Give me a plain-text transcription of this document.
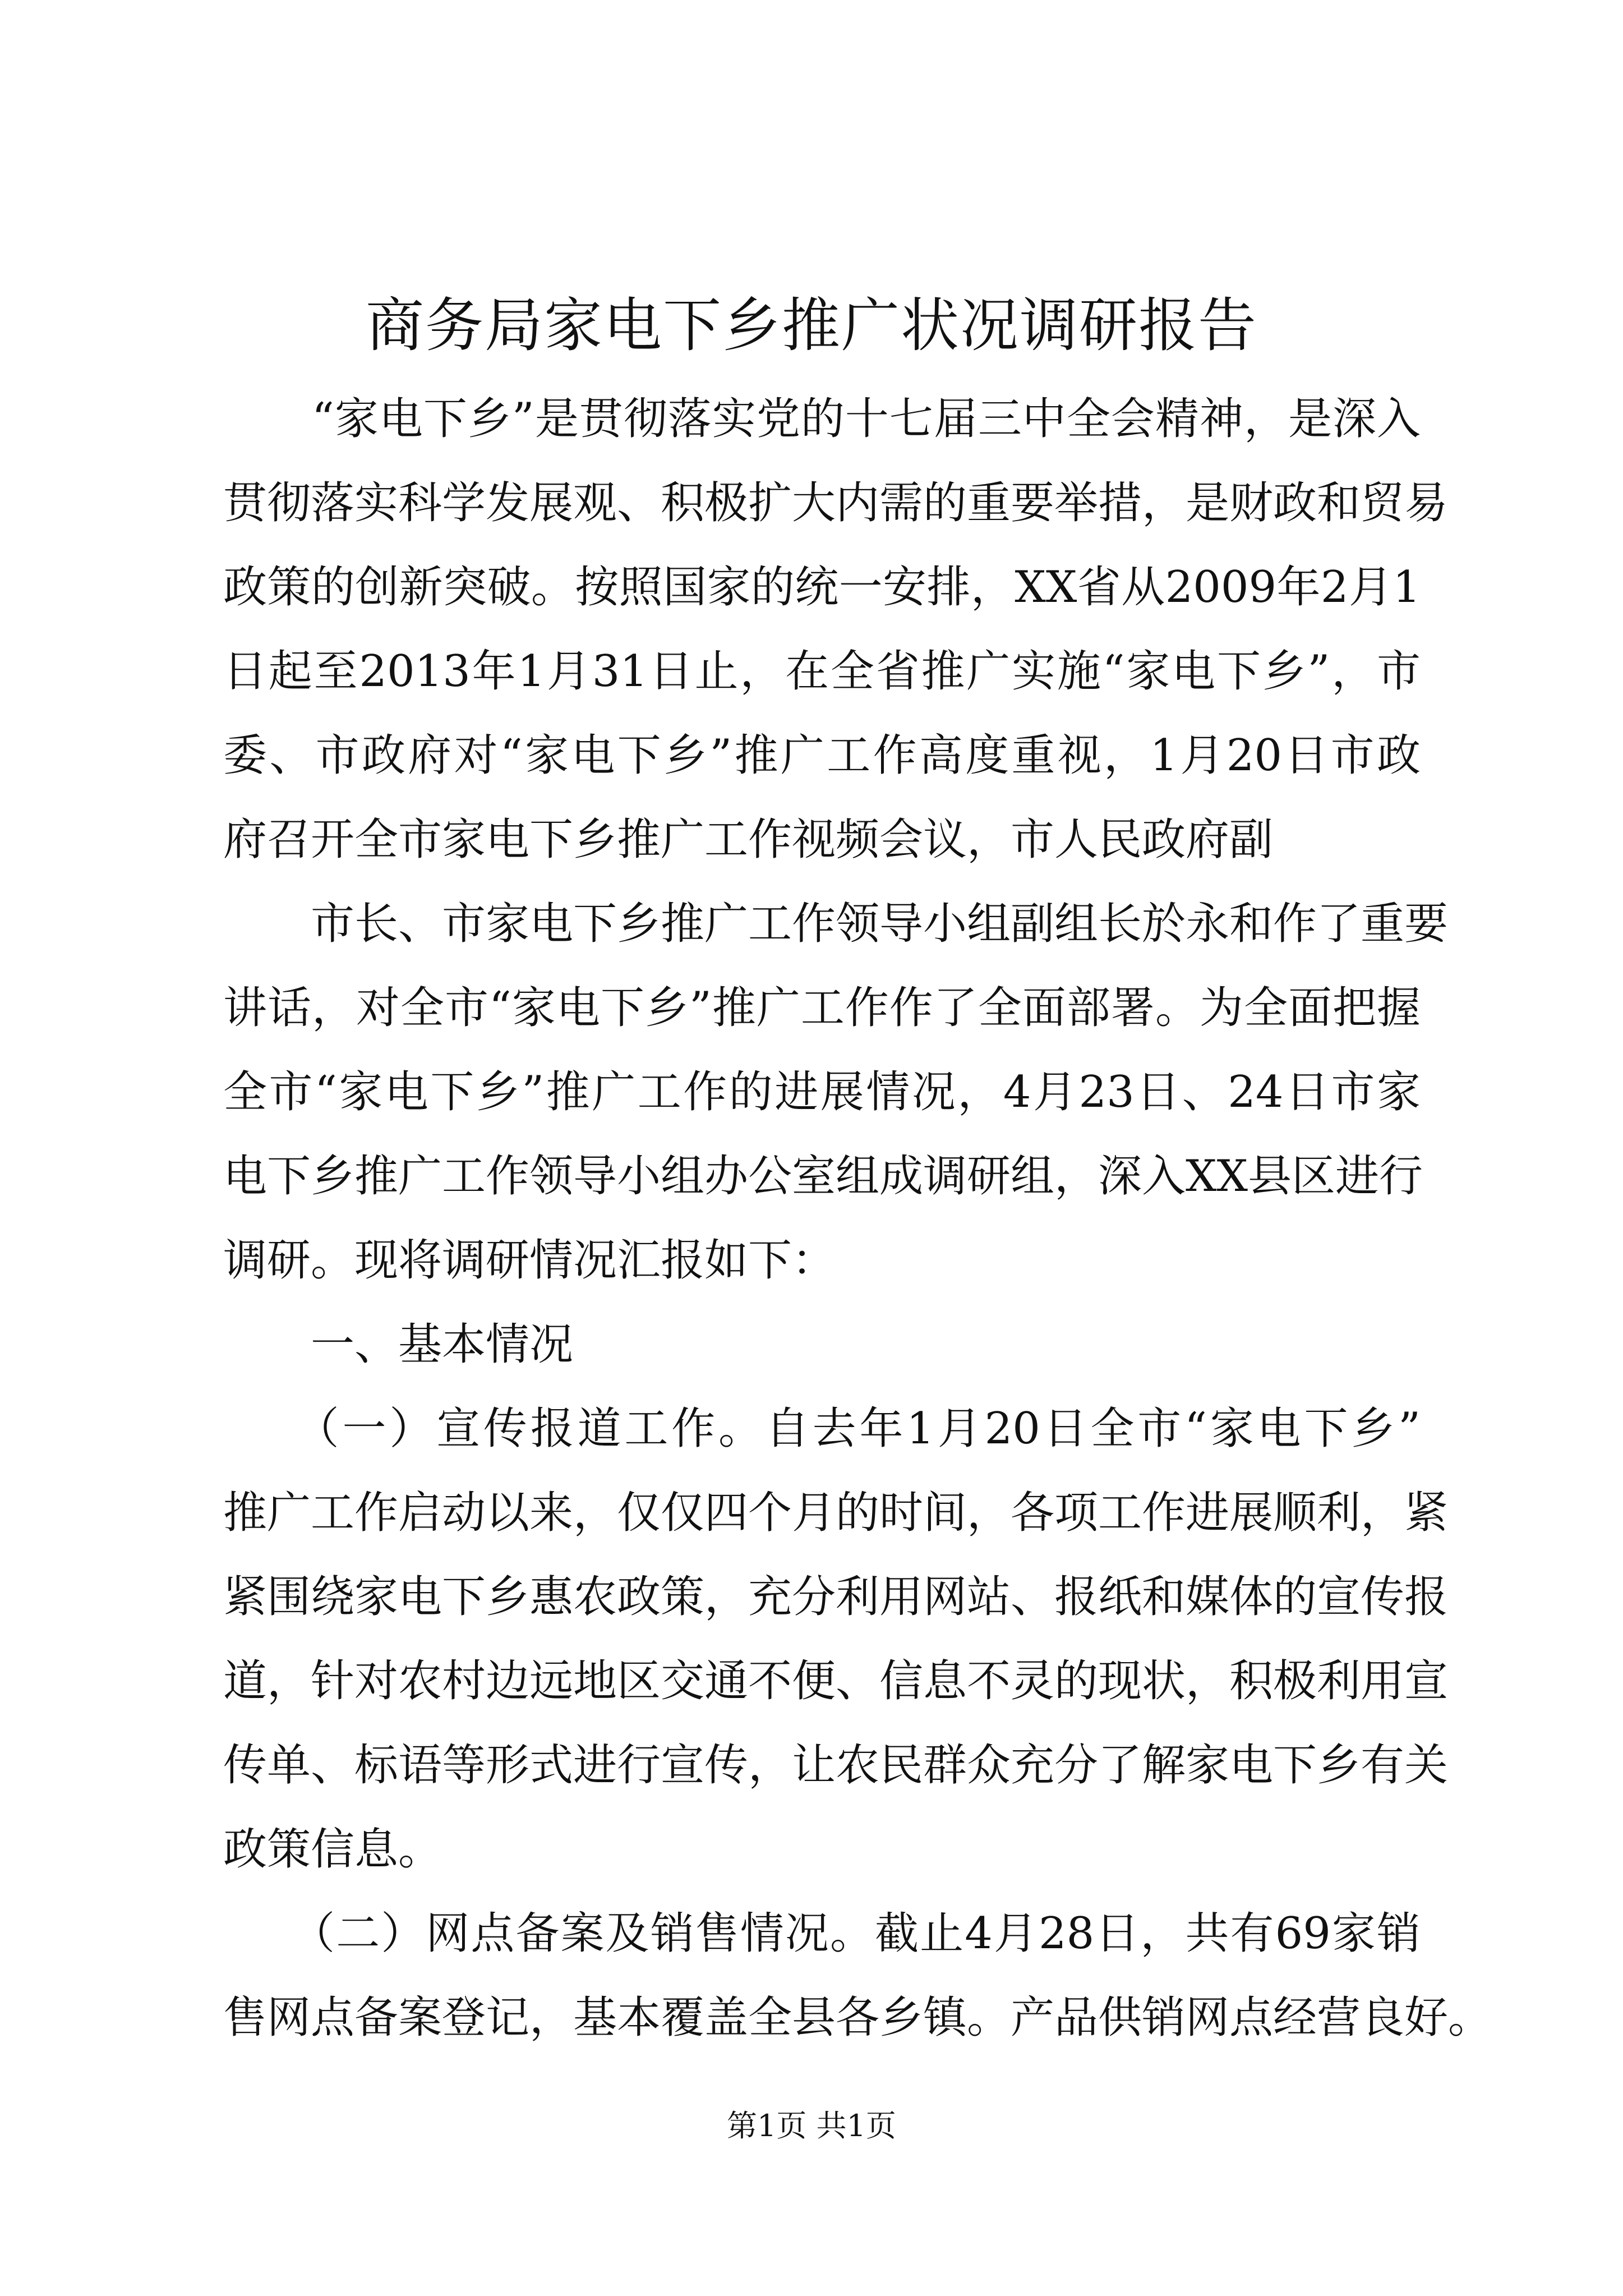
商务局家电下乡推广状况调研报告

　　“家电下乡”是贯彻落实党的十七届三中全会精神，是深入

贯彻落实科学发展观、积极扩大内需的重要举措，是财政和贸易

政策的创新突破。按照国家的统一安排，XX省从2009年2月1

日起至2013年1月31日止，在全省推广实施“家电下乡”，市

委、市政府对“家电下乡”推广工作高度重视，1月20日市政

府召开全市家电下乡推广工作视频会议，市人民政府副

　　市长、市家电下乡推广工作领导小组副组长於永和作了重要

讲话，对全市“家电下乡”推广工作作了全面部署。为全面把握

全市“家电下乡”推广工作的进展情况，4月23日、24日市家

电下乡推广工作领导小组办公室组成调研组，深入XX县区进行

调研。现将调研情况汇报如下：

　　一、基本情况

　　（一）宣传报道工作。自去年1月20日全市“家电下乡”

推广工作启动以来，仅仅四个月的时间，各项工作进展顺利，紧

紧围绕家电下乡惠农政策，充分利用网站、报纸和媒体的宣传报

道，针对农村边远地区交通不便、信息不灵的现状，积极利用宣

传单、标语等形式进行宣传，让农民群众充分了解家电下乡有关

政策信息。

　　（二）网点备案及销售情况。截止4月28日，共有69家销

售网点备案登记，基本覆盖全县各乡镇。产品供销网点经营良好。

第1页 共1页
